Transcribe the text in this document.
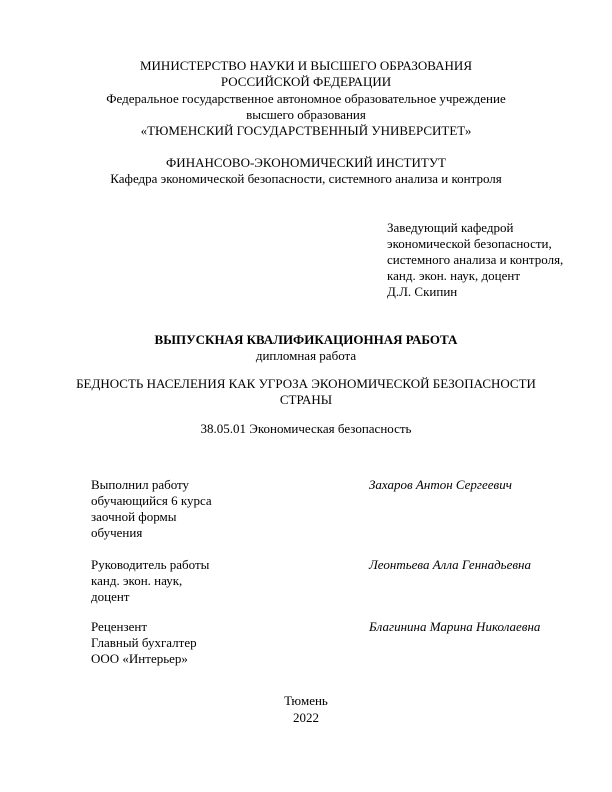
МИНИСТЕРСТВО НАУКИ И ВЫСШЕГО ОБРАЗОВАНИЯ
РОССИЙСКОЙ ФЕДЕРАЦИИ
Федеральное государственное автономное образовательное учреждение
высшего образования
«ТЮМЕНСКИЙ ГОСУДАРСТВЕННЫЙ УНИВЕРСИТЕТ»
ФИНАНСОВО-ЭКОНОМИЧЕСКИЙ ИНСТИТУТ
Кафедра экономической безопасности, системного анализа и контроля
Заведующий кафедрой
экономической безопасности,
системного анализа и контроля,
канд. экон. наук, доцент
Д.Л. Скипин
ВЫПУСКНАЯ КВАЛИФИКАЦИОННАЯ РАБОТА
дипломная работа
БЕДНОСТЬ НАСЕЛЕНИЯ КАК УГРОЗА ЭКОНОМИЧЕСКОЙ БЕЗОПАСНОСТИ
СТРАНЫ
38.05.01 Экономическая безопасность
Выполнил работу
обучающийся 6 курса
заочной формы
обучения
Захаров Антон Сергеевич
Руководитель работы
канд. экон. наук,
доцент
Леонтьева Алла Геннадьевна
Рецензент
Главный бухгалтер
ООО «Интерьер»
Благинина Марина Николаевна
Тюмень
2022
